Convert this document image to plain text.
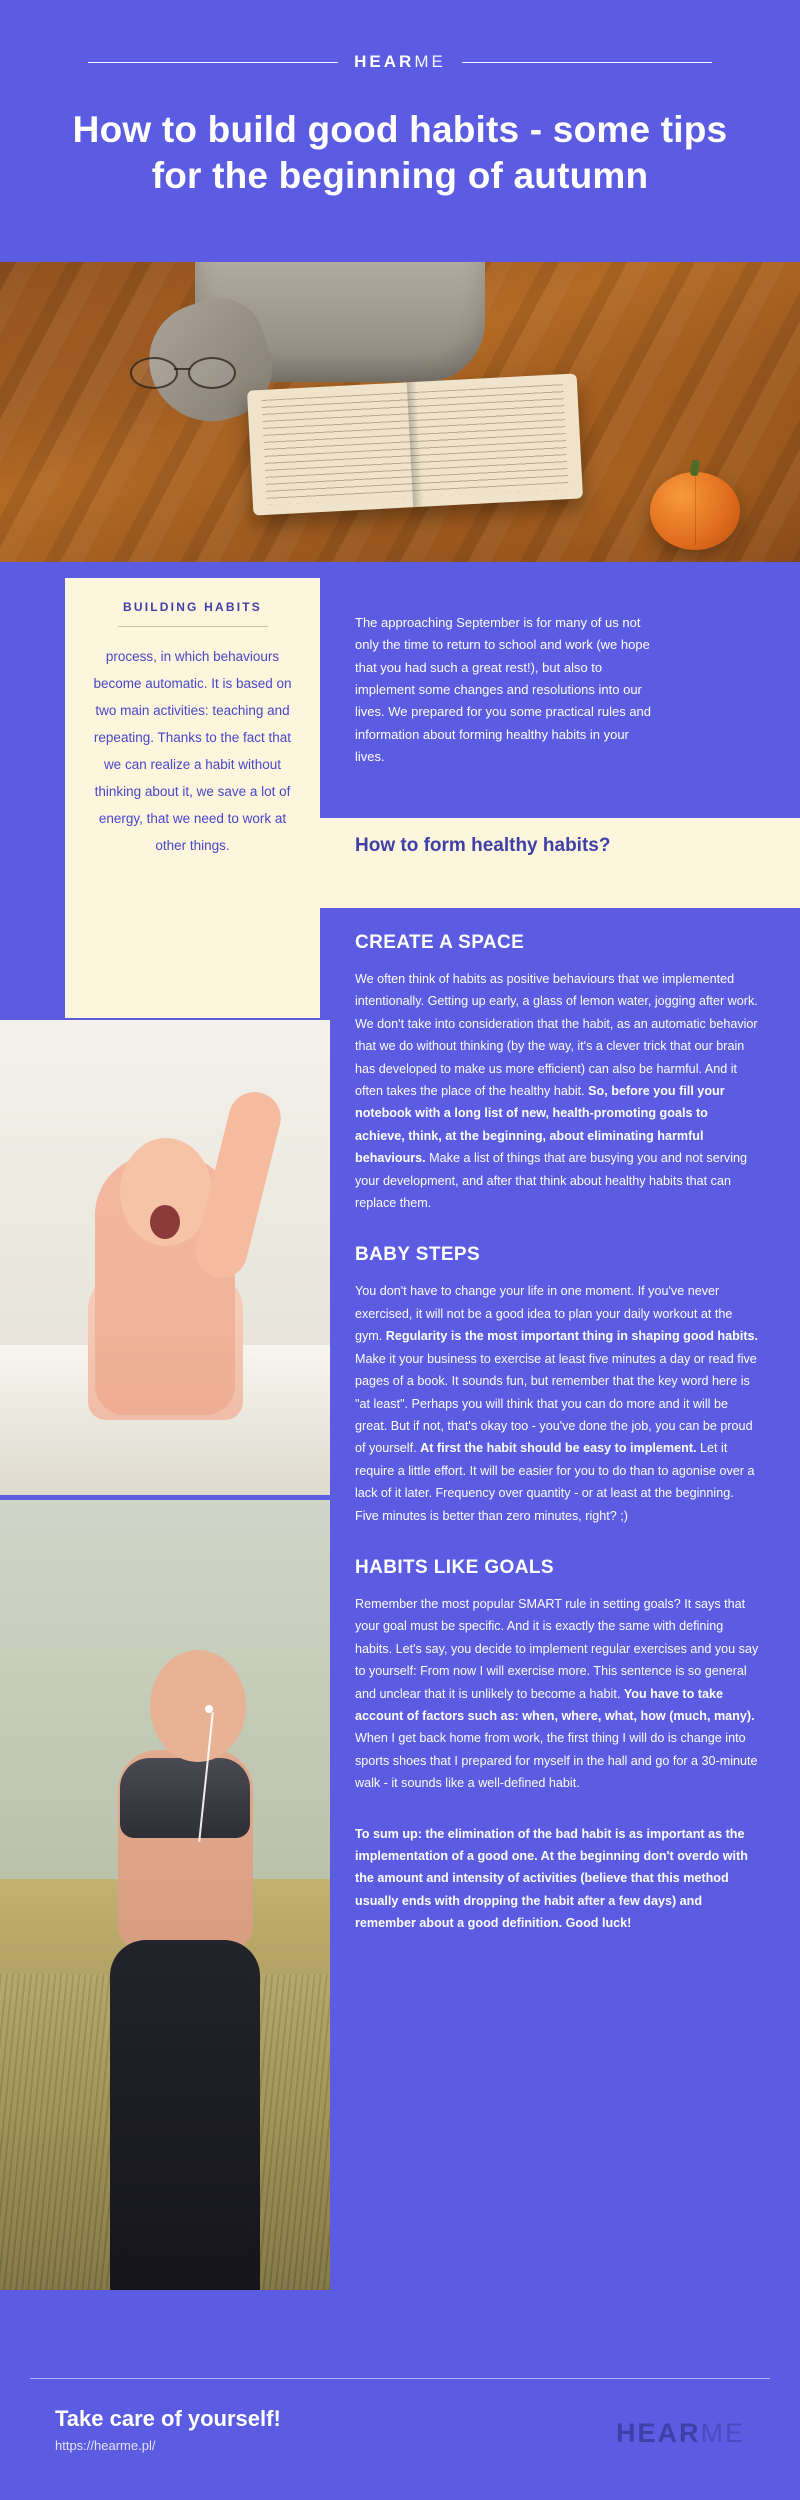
HEARME
How to build good habits - some tips for the beginning of autumn
BUILDING HABITS
process, in which behaviours become automatic. It is based on two main activities: teaching and repeating. Thanks to the fact that we can realize a habit without thinking about it, we save a lot of energy, that we need to work at other things.
The approaching September is for many of us not only the time to return to school and work (we hope that you had such a great rest!), but also to implement some changes and resolutions into our lives. We prepared for you some practical rules and information about forming healthy habits in your lives.
How to form healthy habits?
CREATE A SPACE

We often think of habits as positive behaviours that we implemented intentionally. Getting up early, a glass of lemon water, jogging after work. We don't take into consideration that the habit, as an automatic behavior that we do without thinking (by the way, it's a clever trick that our brain has developed to make us more efficient) can also be harmful. And it often takes the place of the healthy habit. So, before you fill your notebook with a long list of new, health-promoting goals to achieve, think, at the beginning, about eliminating harmful behaviours. Make a list of things that are busying you and not serving your development, and after that think about healthy habits that can replace them.

BABY STEPS

You don't have to change your life in one moment. If you've never exercised, it will not be a good idea to plan your daily workout at the gym. Regularity is the most important thing in shaping good habits. Make it your business to exercise at least five minutes a day or read five pages of a book. It sounds fun, but remember that the key word here is "at least". Perhaps you will think that you can do more and it will be great. But if not, that's okay too - you've done the job, you can be proud of yourself. At first the habit should be easy to implement. Let it require a little effort. It will be easier for you to do than to agonise over a lack of it later. Frequency over quantity - or at least at the beginning. Five minutes is better than zero minutes, right? ;)

HABITS LIKE GOALS

Remember the most popular SMART rule in setting goals? It says that your goal must be specific. And it is exactly the same with defining habits. Let's say, you decide to implement regular exercises and you say to yourself: From now I will exercise more. This sentence is so general and unclear that it is unlikely to become a habit. You have to take account of factors such as: when, where, what, how (much, many). When I get back home from work, the first thing I will do is change into sports shoes that I prepared for myself in the hall and go for a 30-minute walk - it sounds like a well-defined habit.

To sum up: the elimination of the bad habit is as important as the implementation of a good one. At the beginning don't overdo with the amount and intensity of activities (believe that this method usually ends with dropping the habit after a few days) and remember about a good definition. Good luck!

Take care of yourself!
https://hearme.pl/	HEARME
